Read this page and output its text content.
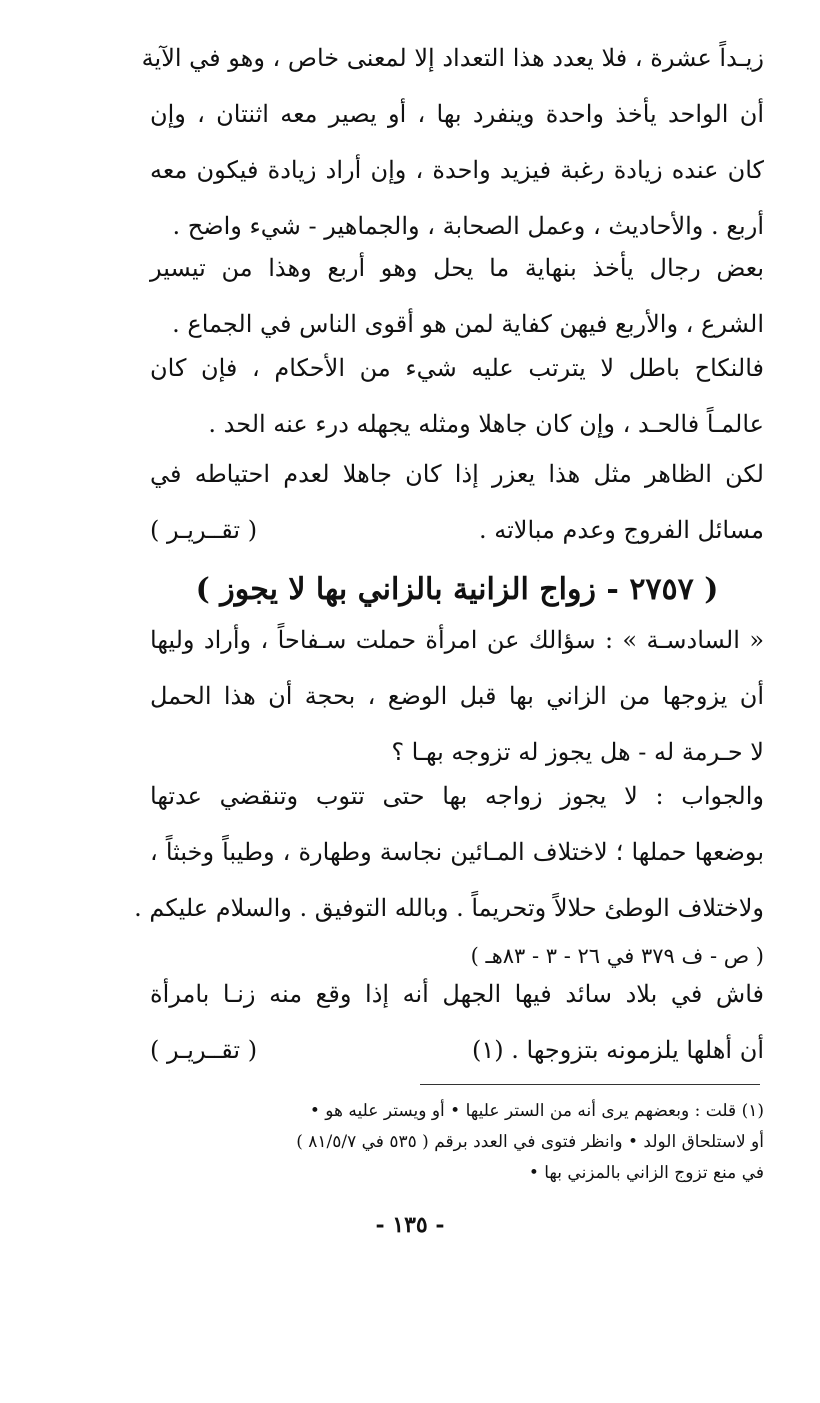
زيـداً عشرة ، فلا يعدد هذا التعداد إلا لمعنى خاص ، وهو في الآية
أن الواحد يأخذ واحدة وينفرد بها ، أو يصير معه اثنتان ، وإن
كان عنده زيادة رغبة فيزيد واحدة ، وإن أراد زيادة فيكون معه
أربع . والأحاديث ، وعمل الصحابة ، والجماهير - شيء واضح .
بعض رجال يأخذ بنهاية ما يحل وهو أربع وهذا من تيسير
الشرع ، والأربع فيهن كفاية لمن هو أقوى الناس في الجماع .
فالنكاح باطل لا يترتب عليه شيء من الأحكام ، فإن كان
عالمـاً فالحـد ، وإن كان جاهلا ومثله يجهله درء عنه الحد .
لكن الظاهر مثل هذا يعزر إذا كان جاهلا لعدم احتياطه في
مسائل الفروج وعدم مبالاته .
( تقــريـر )
( ٢٧٥٧ - زواج الزانية بالزاني بها لا يجوز )
« السادسـة » : سؤالك عن امرأة حملت سـفاحاً ، وأراد وليها
أن يزوجها من الزاني بها قبل الوضع ، بحجة أن هذا الحمل
لا حـرمة له - هل يجوز له تزوجه بهـا ؟
والجواب : لا يجوز زواجه بها حتى تتوب وتنقضي عدتها
بوضعها حملها ؛ لاختلاف المـائين نجاسة وطهارة ، وطيباً وخبثاً ،
ولاختلاف الوطئ حلالاً وتحريماً . وبالله التوفيق . والسلام عليكم .
( ص - ف ٣٧٩ في ٢٦ - ٣ - ٨٣هـ )
فاش في بلاد سائد فيها الجهل أنه إذا وقع منه زنـا بامرأة
أن أهلها يلزمونه بتزوجها . (١)
( تقــريـر )
(١) قلت : وبعضهم يرى أنه من الستر عليها • أو ويستر عليه هو •
أو لاستلحاق الولد • وانظر فتوى في العدد برقم ( ٥٣٥ في ٨١/٥/٧ )
في منع تزوج الزاني بالمزني بها •
- ١٣٥ -
